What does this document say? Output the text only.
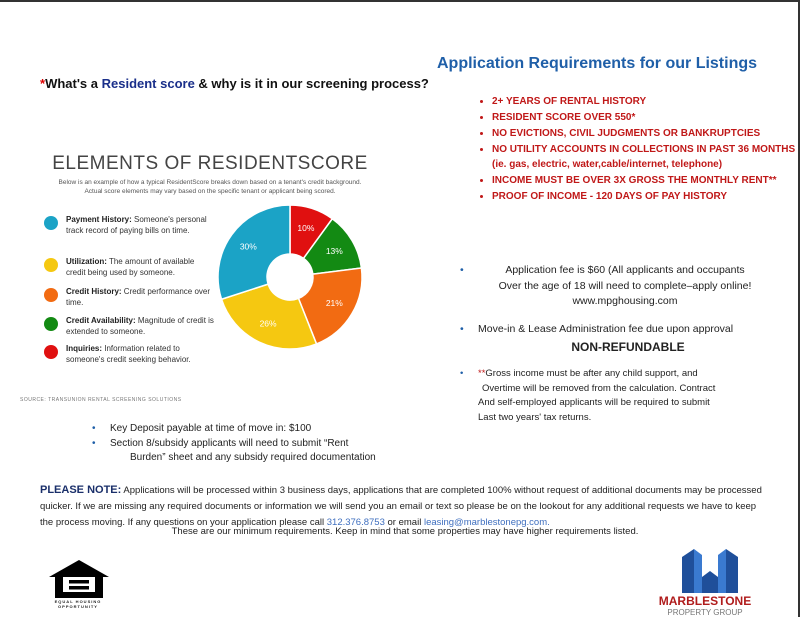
*What's a Resident score & why is it in our screening process?
ELEMENTS OF RESIDENTSCORE
Below is an example of how a typical ResidentScore breaks down based on a tenant's credit background.
Actual score elements may vary based on the specific tenant or applicant being scored.
Payment History: Someone's personal track record of paying bills on time.
Utilization: The amount of available credit being used by someone.
Credit History: Credit performance over time.
Credit Availability: Magnitude of credit is extended to someone.
Inquiries: Information related to someone's credit seeking behavior.
10%
13%
21%
26%
30%
SOURCE: TRANSUNION RENTAL SCREENING SOLUTIONS
Application Requirements for our Listings
• 2+ YEARS OF RENTAL HISTORY
• RESIDENT SCORE OVER 550*
• NO EVICTIONS, CIVIL JUDGMENTS OR BANKRUPTCIES
• NO UTILITY ACCOUNTS IN COLLECTIONS IN PAST 36 MONTHS (ie. gas, electric, water,cable/internet, telephone)
• INCOME MUST BE OVER 3X GROSS THE MONTHLY RENT**
• PROOF OF INCOME - 120 DAYS OF PAY HISTORY
•	Application fee is $60 (All applicants and occupants
Over the age of 18 will need to complete–apply online!
www.mpghousing.com
• Move-in & Lease Administration fee due upon approval
NON-REFUNDABLE
• **Gross income must be after any child support, and
Overtime will be removed from the calculation. Contract
And self-employed applicants will be required to submit
Last two years' tax returns.
• Key Deposit payable at time of move in: $100
• Section 8/subsidy applicants will need to submit “Rent
Burden” sheet and any subsidy required documentation
PLEASE NOTE: Applications will be processed within 3 business days, applications that are completed 100% without request of additional documents may be processed quicker. If we are missing any required documents or information we will send you an email or text so please be on the lookout for any additional requests we have to keep the process moving. If any questions on your application please call 312.376.8753 or email leasing@marblestonepg.com.
These are our minimum requirements. Keep in mind that some properties may have higher requirements listed.
EQUAL HOUSING OPPORTUNITY	MARBLESTONE
PROPERTY GROUP
